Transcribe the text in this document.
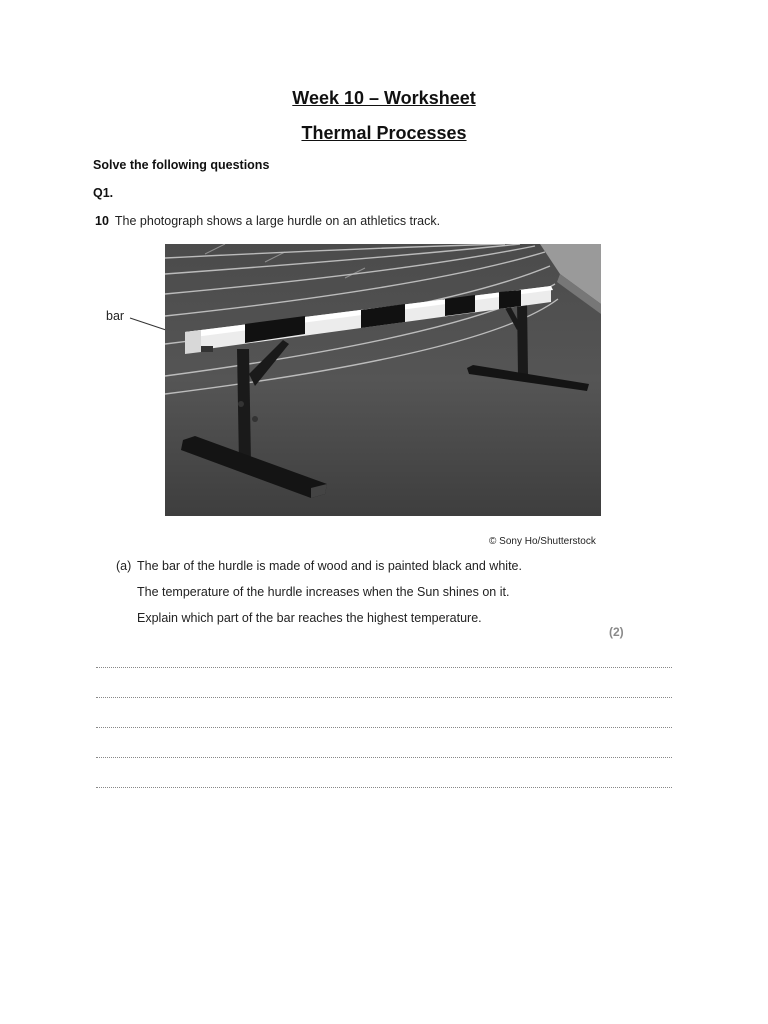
Week 10 – Worksheet
Thermal Processes
Solve the following questions
Q1.
10 The photograph shows a large hurdle on an athletics track.
bar
© Sony Ho/Shutterstock
(a) The bar of the hurdle is made of wood and is painted black and white.
The temperature of the hurdle increases when the Sun shines on it.
Explain which part of the bar reaches the highest temperature.
(2)
